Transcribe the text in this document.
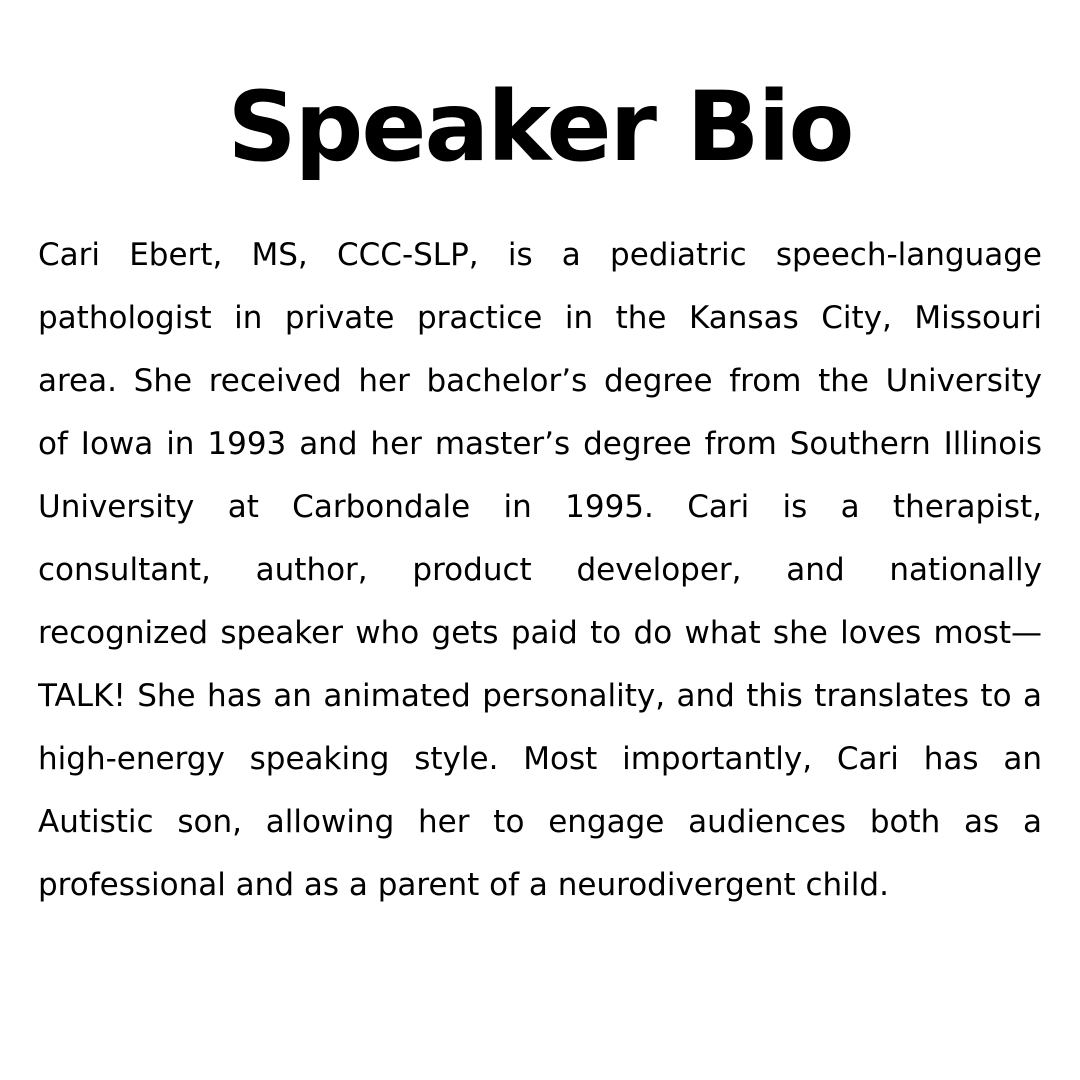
Speaker Bio
Cari Ebert, MS, CCC-SLP, is a pediatric speech-language
pathologist in private practice in the Kansas City, Missouri
area. She received her bachelor’s degree from the University
of Iowa in 1993 and her master’s degree from Southern Illinois
University at Carbondale in 1995. Cari is a therapist,
consultant, author, product developer, and nationally
recognized speaker who gets paid to do what she loves most—
TALK! She has an animated personality, and this translates to a
high-energy speaking style. Most importantly, Cari has an
Autistic son, allowing her to engage audiences both as a
professional and as a parent of a neurodivergent child.
